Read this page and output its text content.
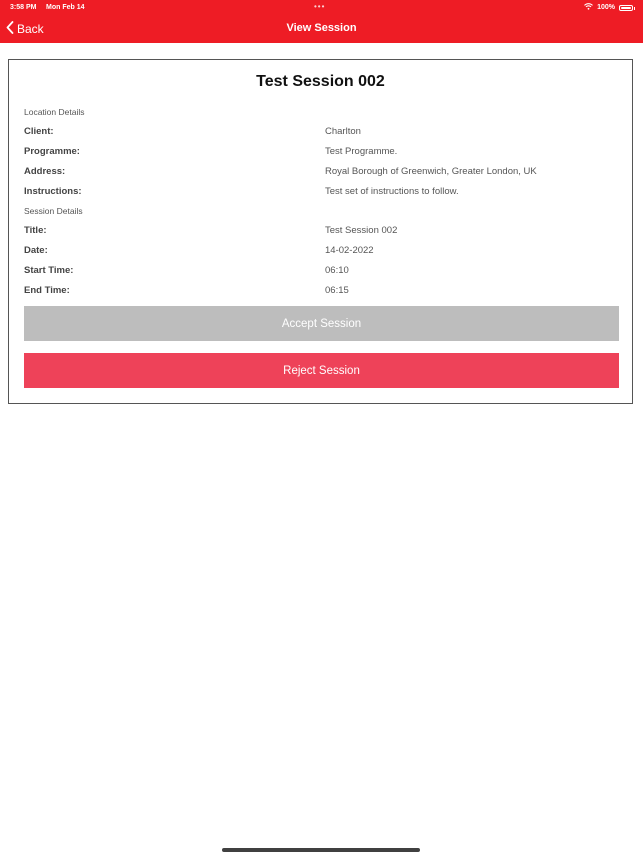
3:58 PM Mon Feb 14	•••	100%
Back	View Session
Test Session 002
Location Details
Client:	Charlton
Programme:	Test Programme.
Address:	Royal Borough of Greenwich, Greater London, UK
Instructions:	Test set of instructions to follow.
Session Details
Title:	Test Session 002
Date:	14-02-2022
Start Time:	06:10
End Time:	06:15
Accept Session
Reject Session
